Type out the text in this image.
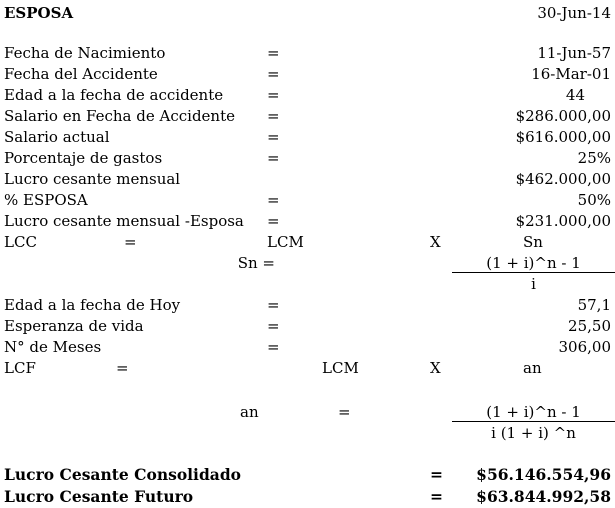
ESPOSA	30-Jun-14
Fecha de Nacimiento	=	11-Jun-57
Fecha del Accidente	=	16-Mar-01
Edad a la fecha de accidente	=	44
Salario en Fecha de Accidente =	$286.000,00
Salario actual	=	$616.000,00
Porcentaje de gastos	=	25%
Lucro cesante mensual	$462.000,00
% ESPOSA	=	50%
Lucro cesante mensual -Esposa =	$231.000,00
LCC	=	LCM	X	Sn
Sn =	(1 + i)^n - 1
i
Edad a la fecha de Hoy	=	57,1
Esperanza de vida	=	25,50
N° de Meses	=	306,00
LCF	=	LCM	X	an
an	=	(1 + i)^n - 1
i (1 + i) ^n
Lucro Cesante Consolidado	= $56.146.554,96
Lucro Cesante Futuro	= $63.844.992,58
